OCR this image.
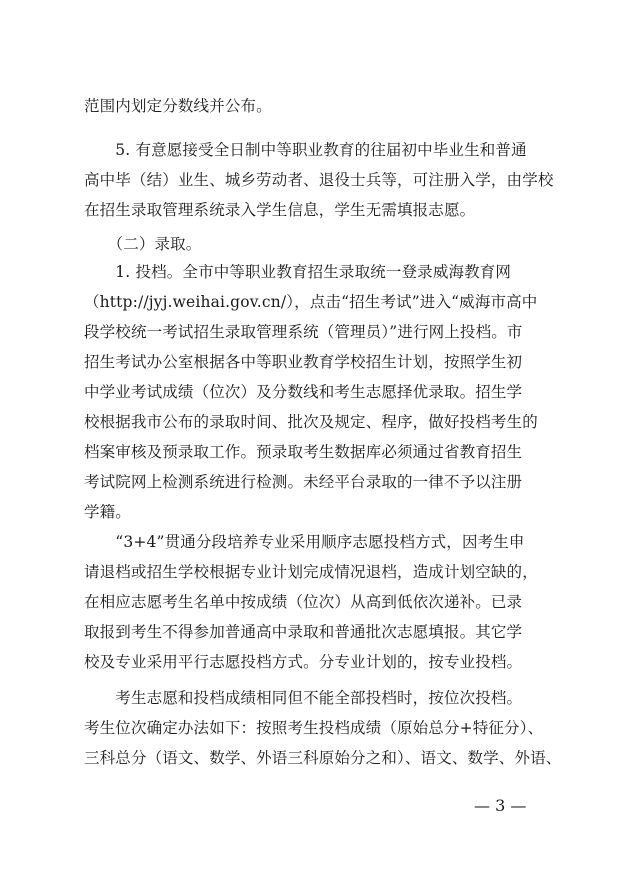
范围内划定分数线并公布。
　　5. 有意愿接受全日制中等职业教育的往届初中毕业生和普通
高中毕（结）业生、城乡劳动者、退役士兵等，可注册入学，由学校
在招生录取管理系统录入学生信息，学生无需填报志愿。
　　（二）录取。
　　1. 投档。全市中等职业教育招生录取统一登录威海教育网
（http://jyj.weihai.gov.cn/），点击“招生考试”进入“威海市高中
段学校统一考试招生录取管理系统（管理员）”进行网上投档。市
招生考试办公室根据各中等职业教育学校招生计划，按照学生初
中学业考试成绩（位次）及分数线和考生志愿择优录取。招生学
校根据我市公布的录取时间、批次及规定、程序，做好投档考生的
档案审核及预录取工作。预录取考生数据库必须通过省教育招生
考试院网上检测系统进行检测。未经平台录取的一律不予以注册
学籍。
　　“3+4”贯通分段培养专业采用顺序志愿投档方式，因考生申
请退档或招生学校根据专业计划完成情况退档，造成计划空缺的，
在相应志愿考生名单中按成绩（位次）从高到低依次递补。已录
取报到考生不得参加普通高中录取和普通批次志愿填报。其它学
校及专业采用平行志愿投档方式。分专业计划的，按专业投档。
　　考生志愿和投档成绩相同但不能全部投档时，按位次投档。
考生位次确定办法如下：按照考生投档成绩（原始总分+特征分）、
三科总分（语文、数学、外语三科原始分之和）、语文、数学、外语、
— 3 —
